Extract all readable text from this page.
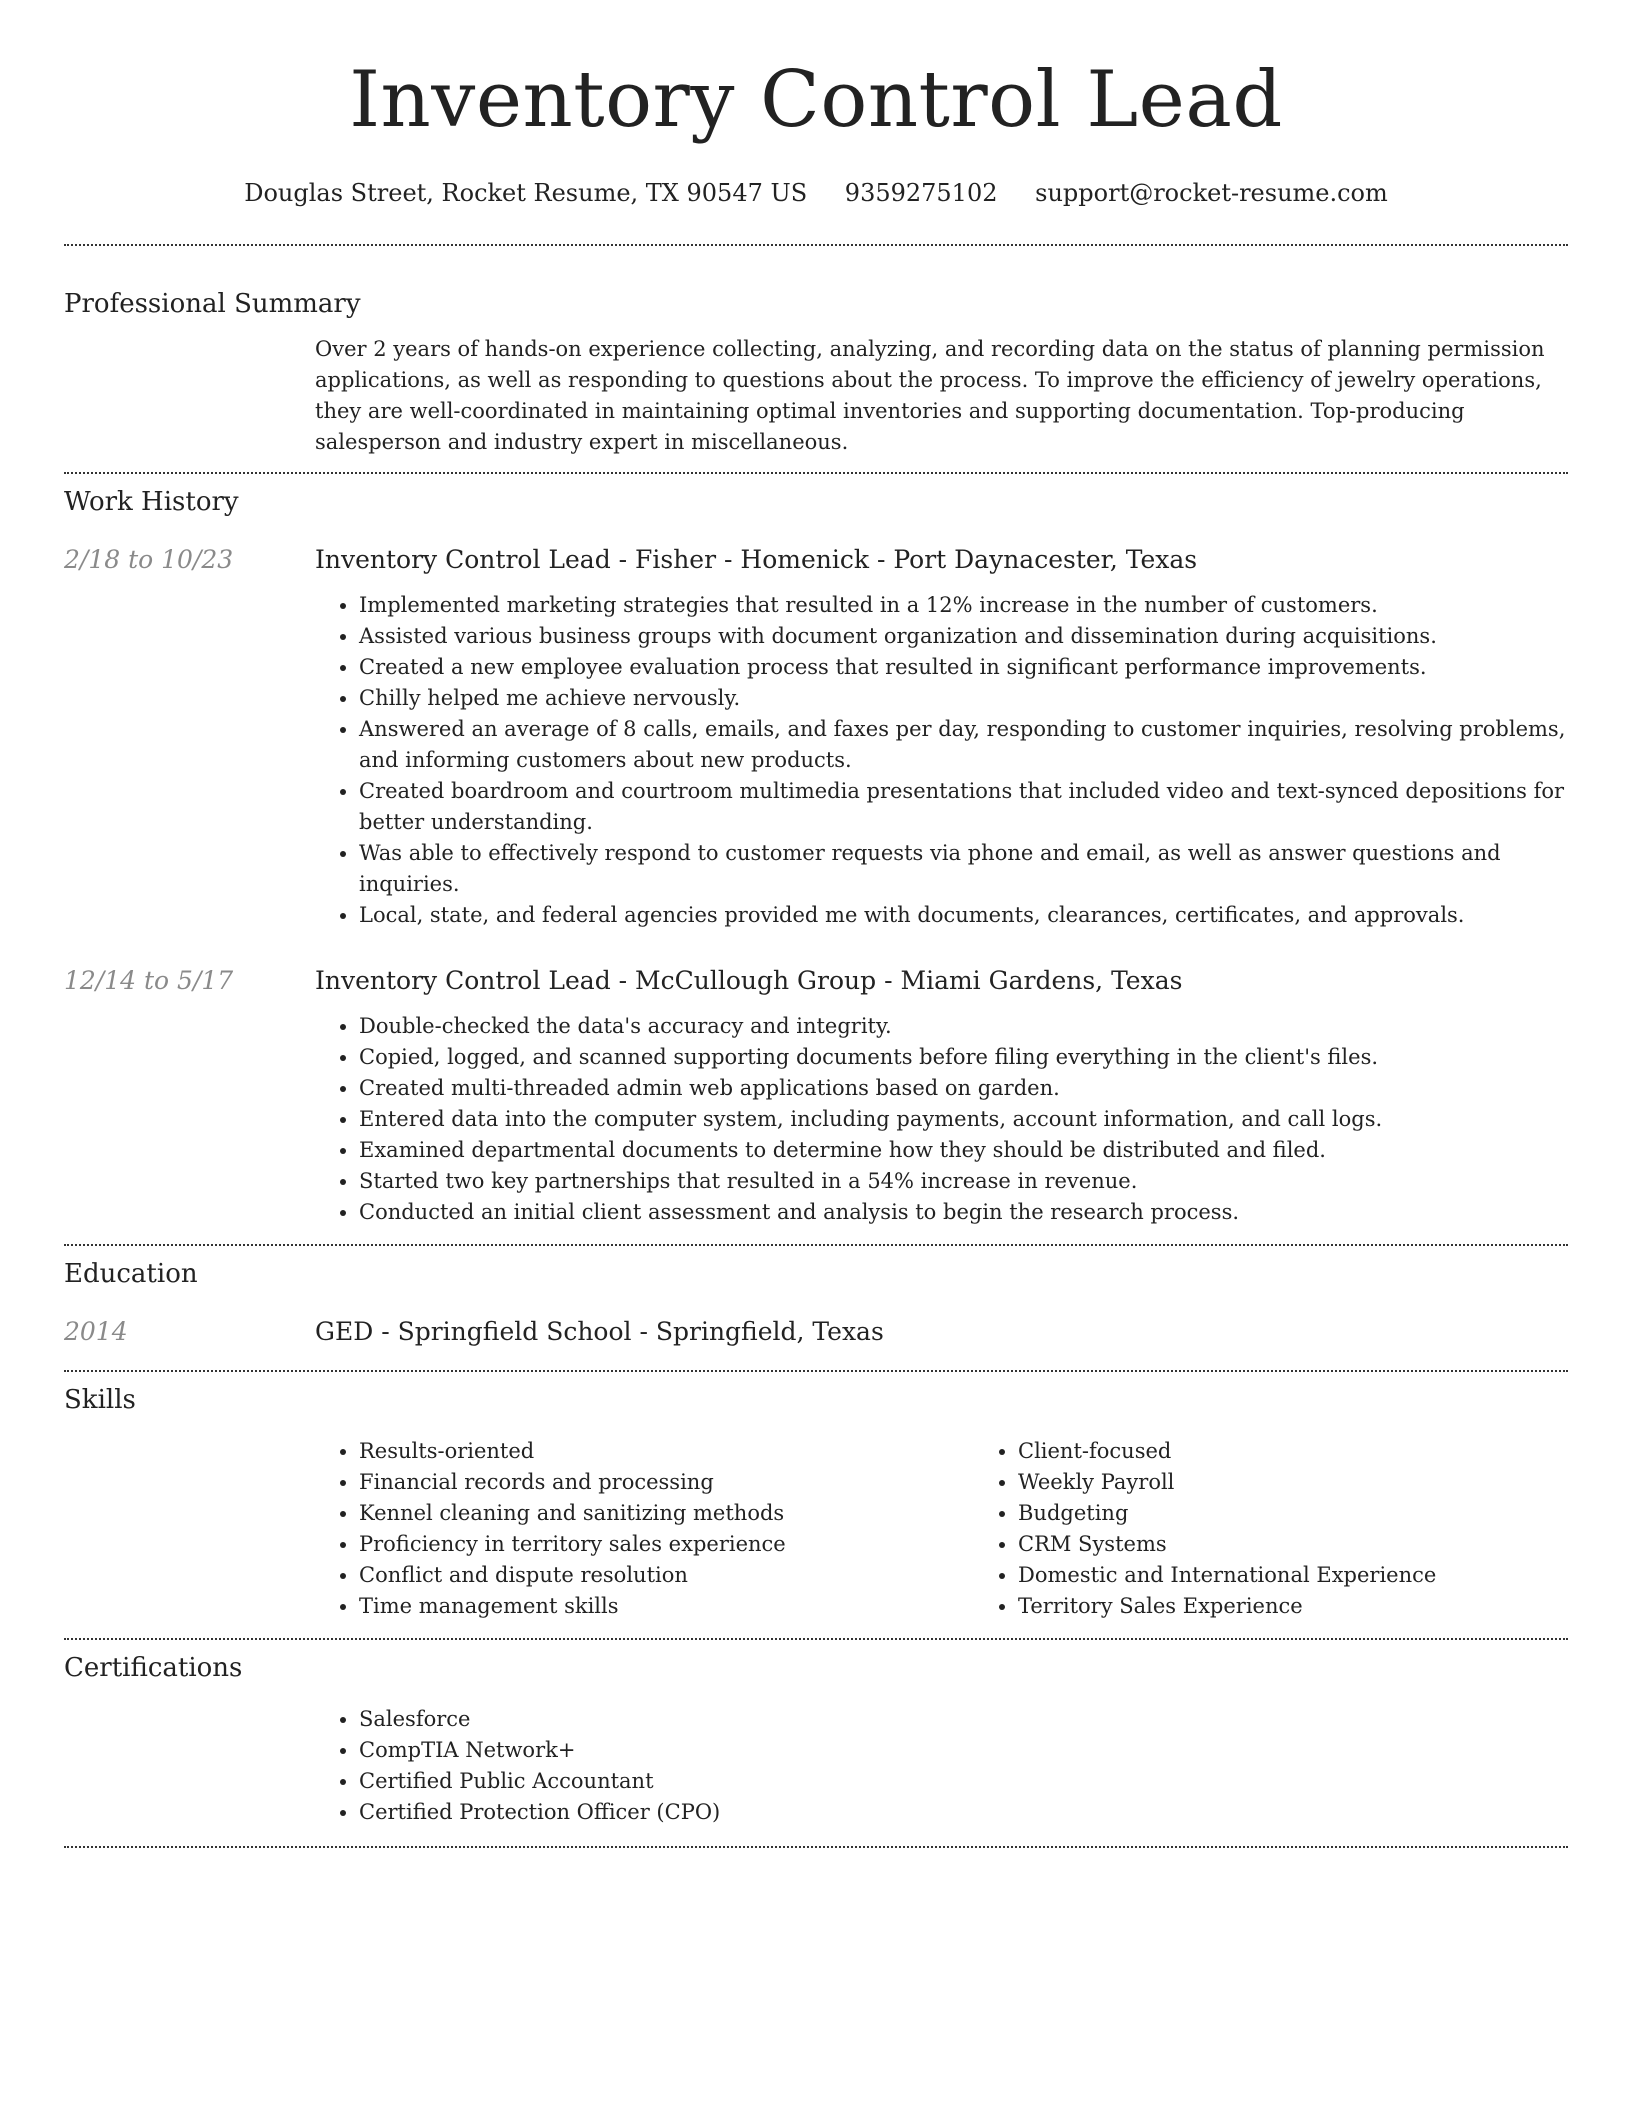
Inventory Control Lead
Douglas Street, Rocket Resume, TX 90547 US 9359275102 support@rocket-resume.com
Professional Summary

Over 2 years of hands-on experience collecting, analyzing, and recording data on the status of planning permission applications, as well as responding to questions about the process. To improve the efficiency of jewelry operations, they are well-coordinated in maintaining optimal inventories and supporting documentation. Top-producing salesperson and industry expert in miscellaneous.

Work History
2/18 to 10/23	Inventory Control Lead - Fisher - Homenick - Port Daynacester, Texas

• Implemented marketing strategies that resulted in a 12% increase in the number of customers.
• Assisted various business groups with document organization and dissemination during acquisitions.
• Created a new employee evaluation process that resulted in significant performance improvements.
• Chilly helped me achieve nervously.
• Answered an average of 8 calls, emails, and faxes per day, responding to customer inquiries, resolving problems, and informing customers about new products.
• Created boardroom and courtroom multimedia presentations that included video and text-synced depositions for better understanding.
• Was able to effectively respond to customer requests via phone and email, as well as answer questions and inquiries.
• Local, state, and federal agencies provided me with documents, clearances, certificates, and approvals.
12/14 to 5/17	Inventory Control Lead - McCullough Group - Miami Gardens, Texas

• Double-checked the data's accuracy and integrity.
• Copied, logged, and scanned supporting documents before filing everything in the client's files.
• Created multi-threaded admin web applications based on garden.
• Entered data into the computer system, including payments, account information, and call logs.
• Examined departmental documents to determine how they should be distributed and filed.
• Started two key partnerships that resulted in a 54% increase in revenue.
• Conducted an initial client assessment and analysis to begin the research process.
Education
2014	GED - Springfield School - Springfield, Texas

Skills
• Results-oriented
• Financial records and processing
• Kennel cleaning and sanitizing methods
• Proficiency in territory sales experience
• Conflict and dispute resolution
• Time management skills
• Client-focused
• Weekly Payroll
• Budgeting
• CRM Systems
• Domestic and International Experience
• Territory Sales Experience
Certifications
• Salesforce
• CompTIA Network+
• Certified Public Accountant
• Certified Protection Officer (CPO)
